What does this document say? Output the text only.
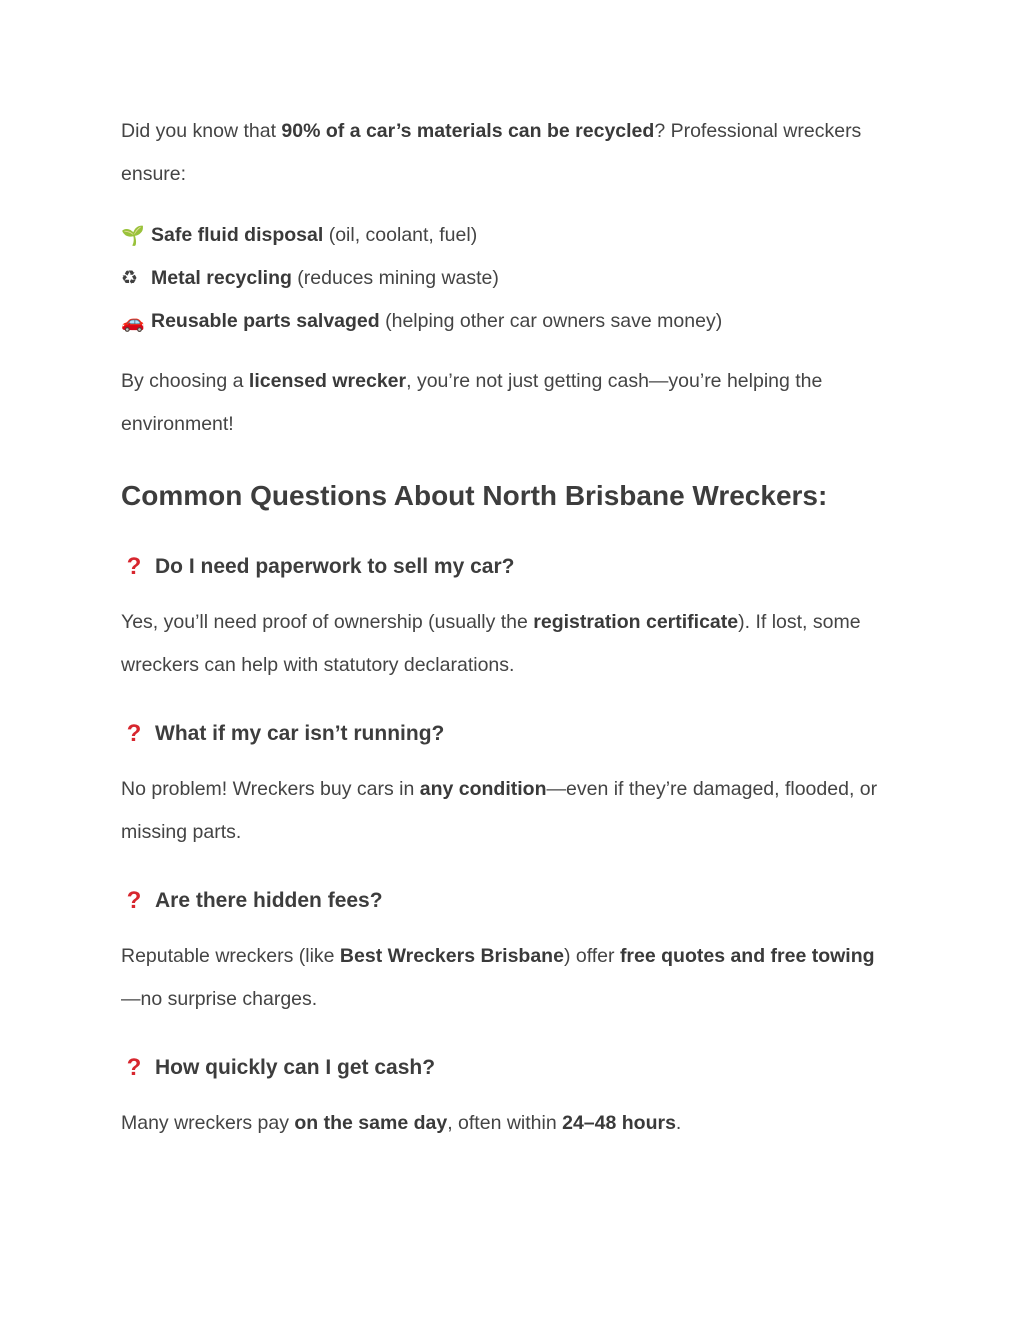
Did you know that 90% of a car’s materials can be recycled? Professional wreckers ensure:

🌱 Safe fluid disposal (oil, coolant, fuel)

♻ Metal recycling (reduces mining waste)

🚗 Reusable parts salvaged (helping other car owners save money)

By choosing a licensed wrecker, you’re not just getting cash—you’re helping the environment!

Common Questions About North Brisbane Wreckers:
? Do I need paperwork to sell my car?

Yes, you’ll need proof of ownership (usually the registration certificate). If lost, some wreckers can help with statutory declarations.

? What if my car isn’t running?

No problem! Wreckers buy cars in any condition—even if they’re damaged, flooded, or missing parts.

? Are there hidden fees?

Reputable wreckers (like Best Wreckers Brisbane) offer free quotes and free towing—no surprise charges.

? How quickly can I get cash?

Many wreckers pay on the same day, often within 24–48 hours.
